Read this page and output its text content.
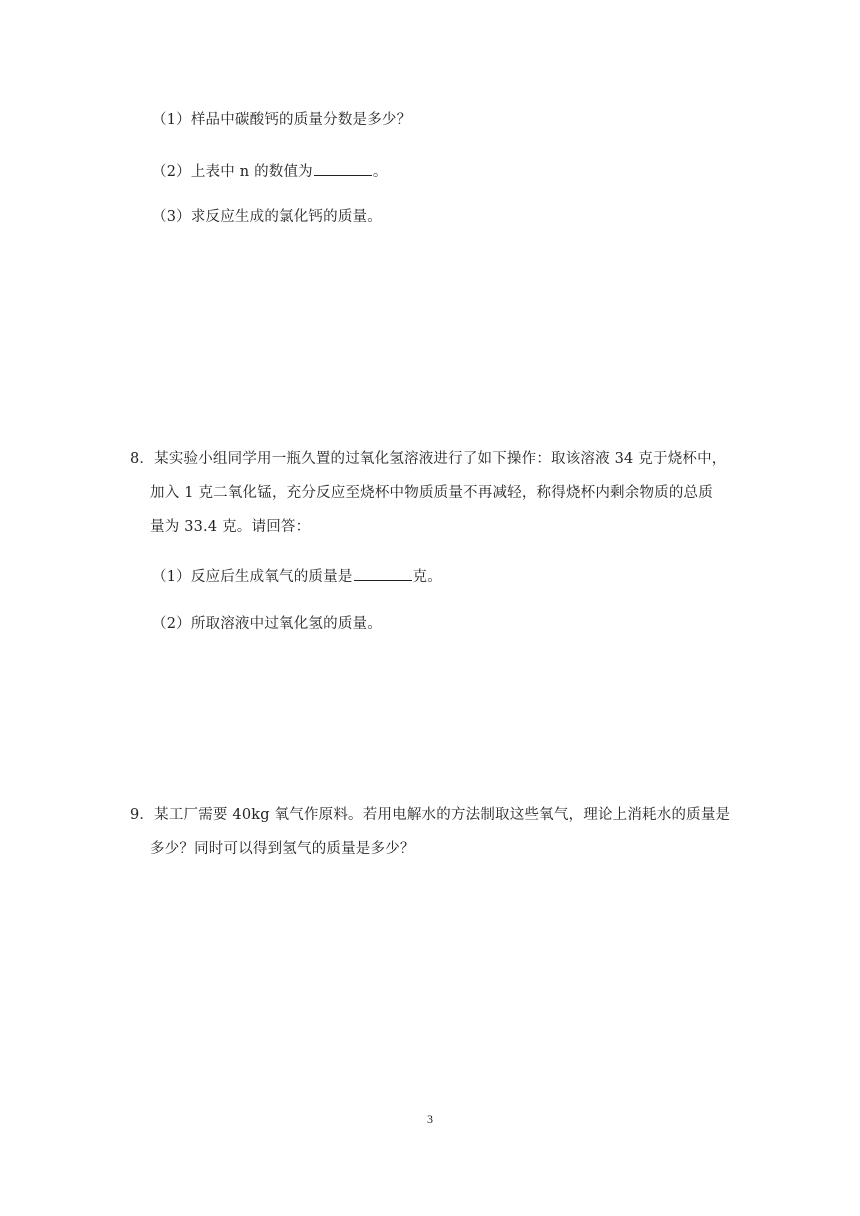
（1）样品中碳酸钙的质量分数是多少？
（2）上表中 n 的数值为	。
（3）求反应生成的氯化钙的质量。
8．某实验小组同学用一瓶久置的过氧化氢溶液进行了如下操作：取该溶液 34 克于烧杯中，
加入 1 克二氧化锰，充分反应至烧杯中物质质量不再减轻，称得烧杯内剩余物质的总质
量为 33.4 克。请回答：
（1）反应后生成氧气的质量是	克。
（2）所取溶液中过氧化氢的质量。
9．某工厂需要 40kg 氧气作原料。若用电解水的方法制取这些氧气，理论上消耗水的质量是
多少？同时可以得到氢气的质量是多少？
3
